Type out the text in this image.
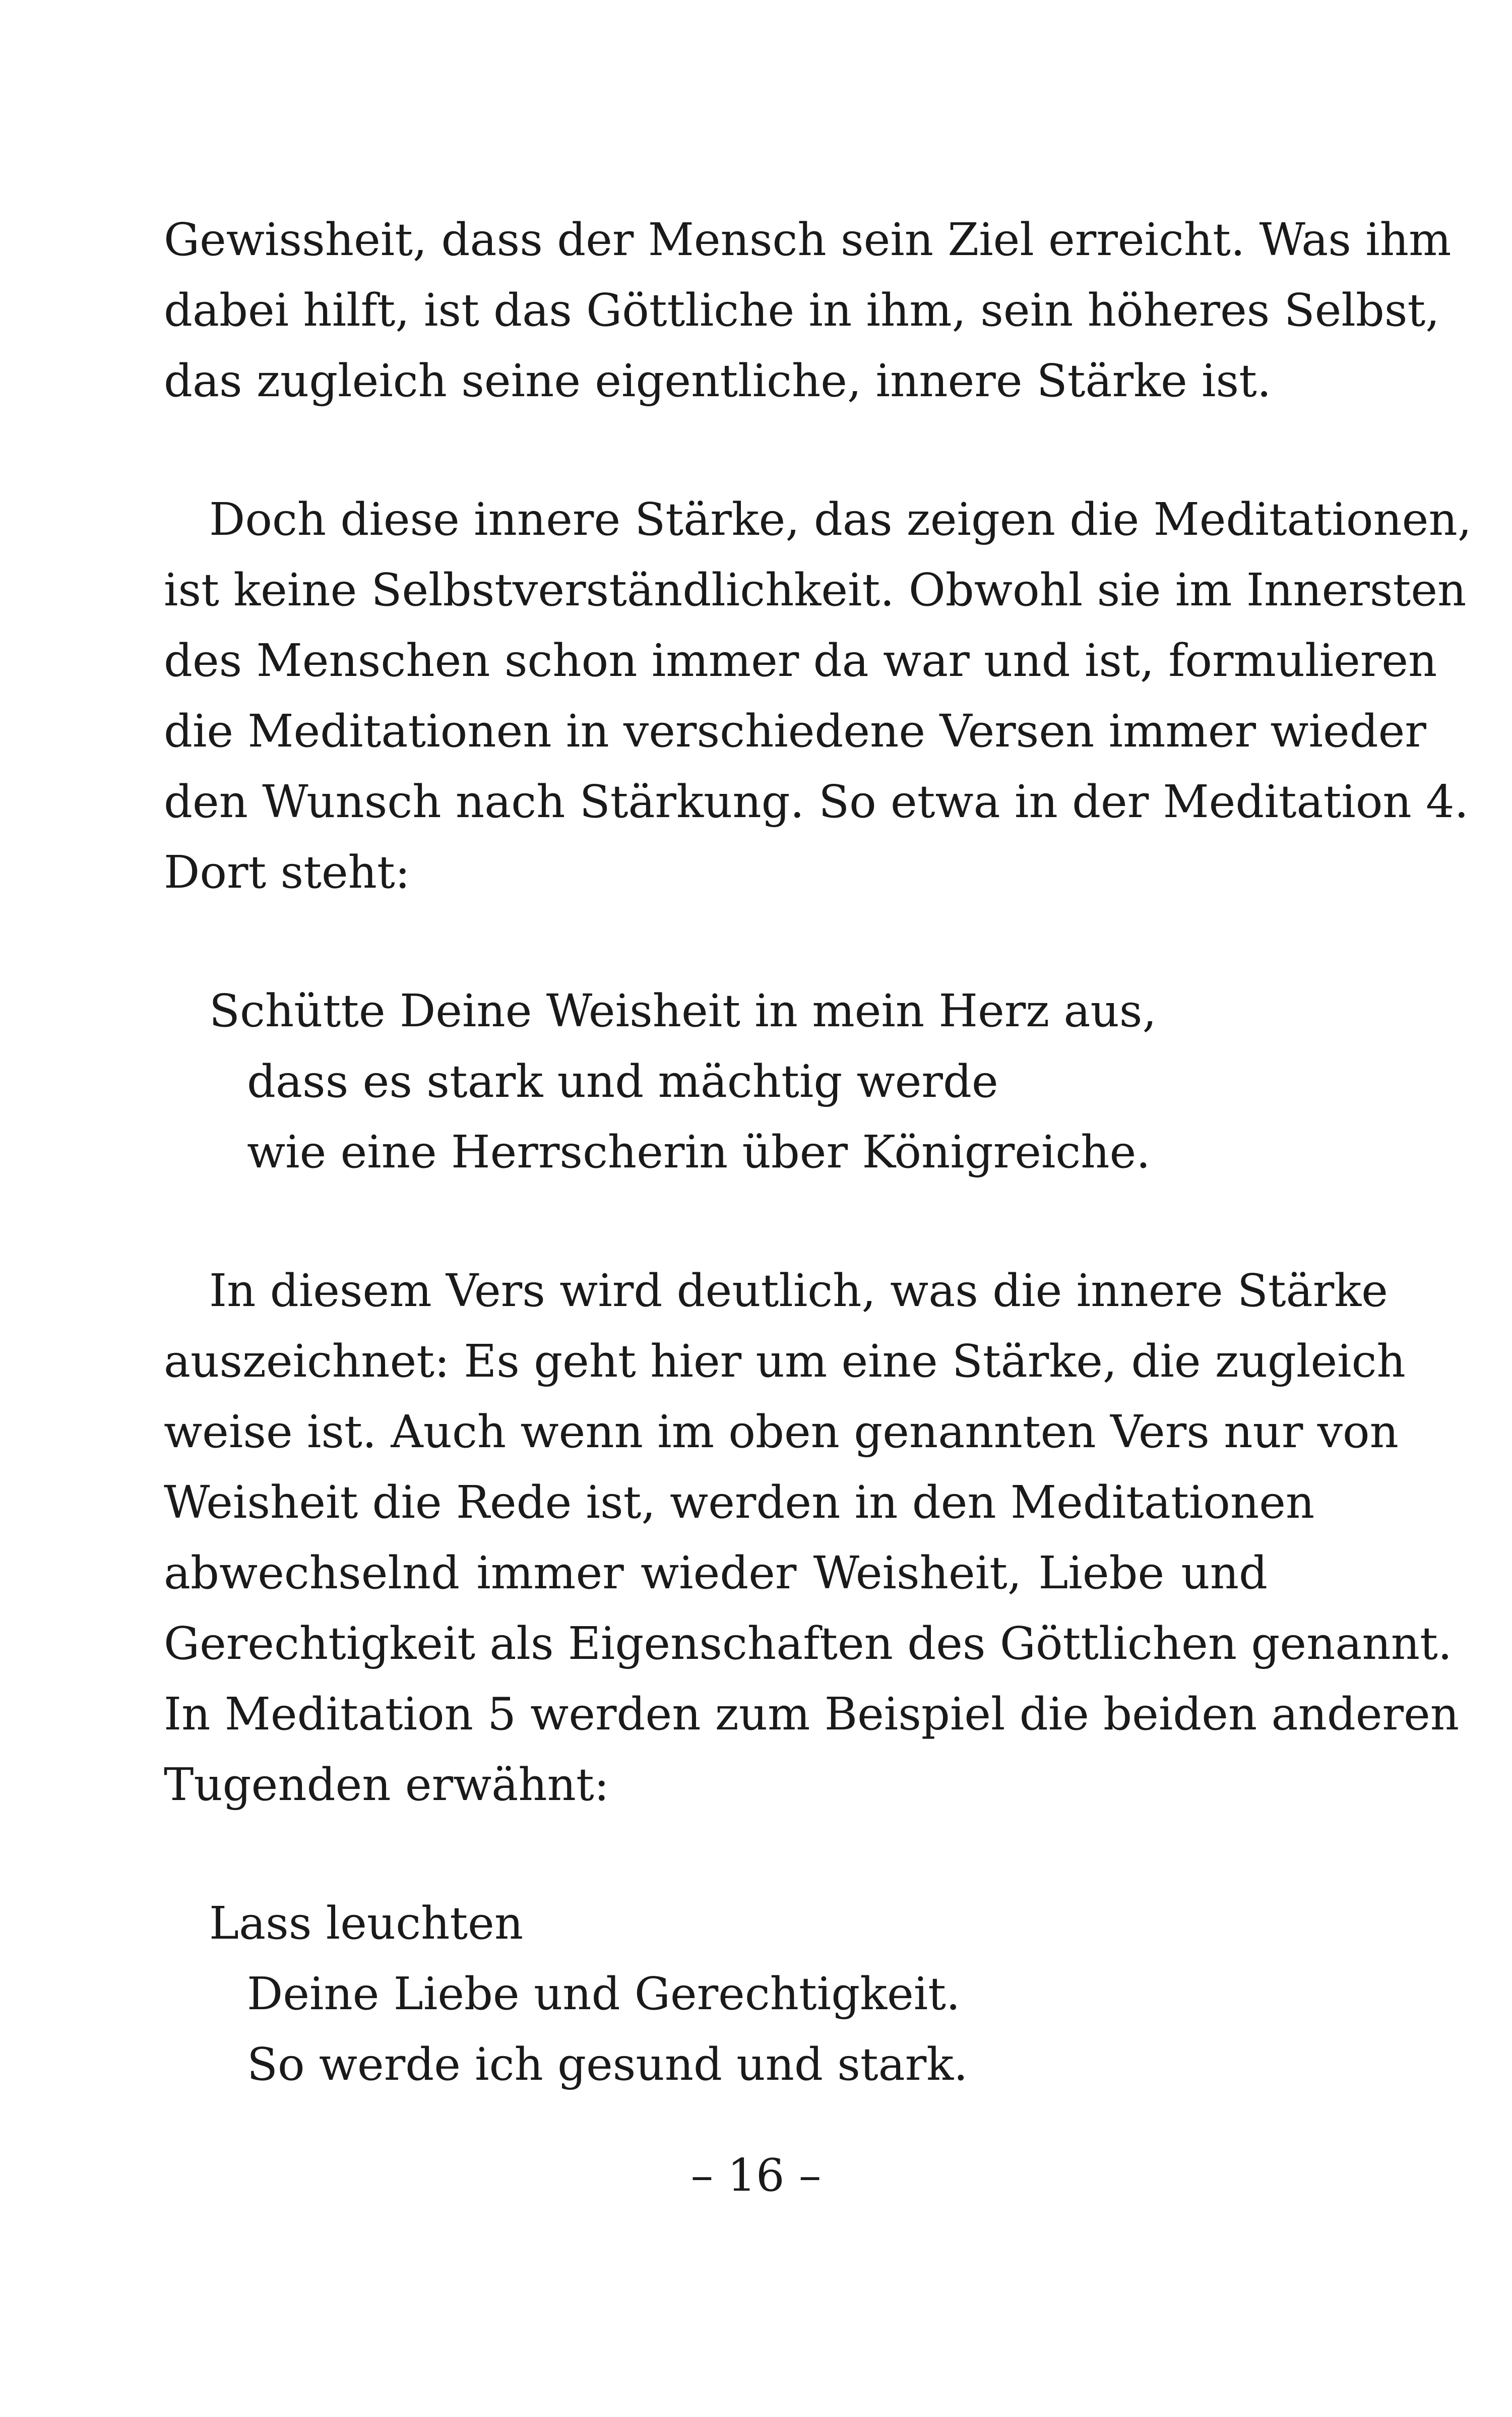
Gewissheit, dass der Mensch sein Ziel erreicht. Was ihm
dabei hilft, ist das Göttliche in ihm, sein höheres Selbst,
das zugleich seine eigentliche, innere Stärke ist.
Doch diese innere Stärke, das zeigen die Meditationen,
ist keine Selbstverständlichkeit. Obwohl sie im Innersten
des Menschen schon immer da war und ist, formulieren
die Meditationen in verschiedene Versen immer wieder
den Wunsch nach Stärkung. So etwa in der Meditation 4.
Dort steht:
Schütte Deine Weisheit in mein Herz aus,
dass es stark und mächtig werde
wie eine Herrscherin über Königreiche.
In diesem Vers wird deutlich, was die innere Stärke
auszeichnet: Es geht hier um eine Stärke, die zugleich
weise ist. Auch wenn im oben genannten Vers nur von
Weisheit die Rede ist, werden in den Meditationen
abwechselnd immer wieder Weisheit, Liebe und
Gerechtigkeit als Eigenschaften des Göttlichen genannt.
In Meditation 5 werden zum Beispiel die beiden anderen
Tugenden erwähnt:
Lass leuchten
Deine Liebe und Gerechtigkeit.
So werde ich gesund und stark.
– 16 –
